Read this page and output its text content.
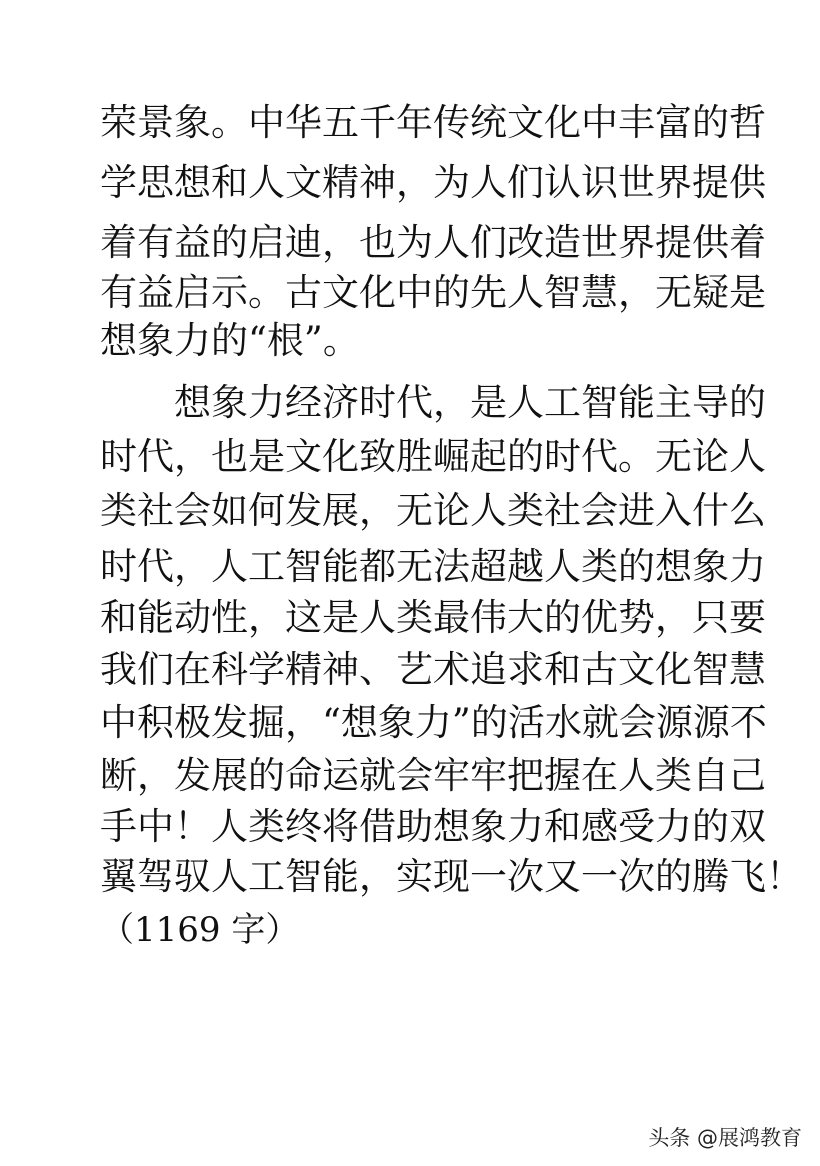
荣景象。中华五千年传统文化中丰富的哲
学思想和人文精神，为人们认识世界提供
着有益的启迪，也为人们改造世界提供着
有益启示。古文化中的先人智慧，无疑是
想象力的“根”。
想象力经济时代，是人工智能主导的
时代，也是文化致胜崛起的时代。无论人
类社会如何发展，无论人类社会进入什么
时代，人工智能都无法超越人类的想象力
和能动性，这是人类最伟大的优势，只要
我们在科学精神、艺术追求和古文化智慧
中积极发掘，“想象力”的活水就会源源不
断，发展的命运就会牢牢把握在人类自己
手中！人类终将借助想象力和感受力的双
翼驾驭人工智能，实现一次又一次的腾飞！
（1169 字）
头条 @展鸿教育
